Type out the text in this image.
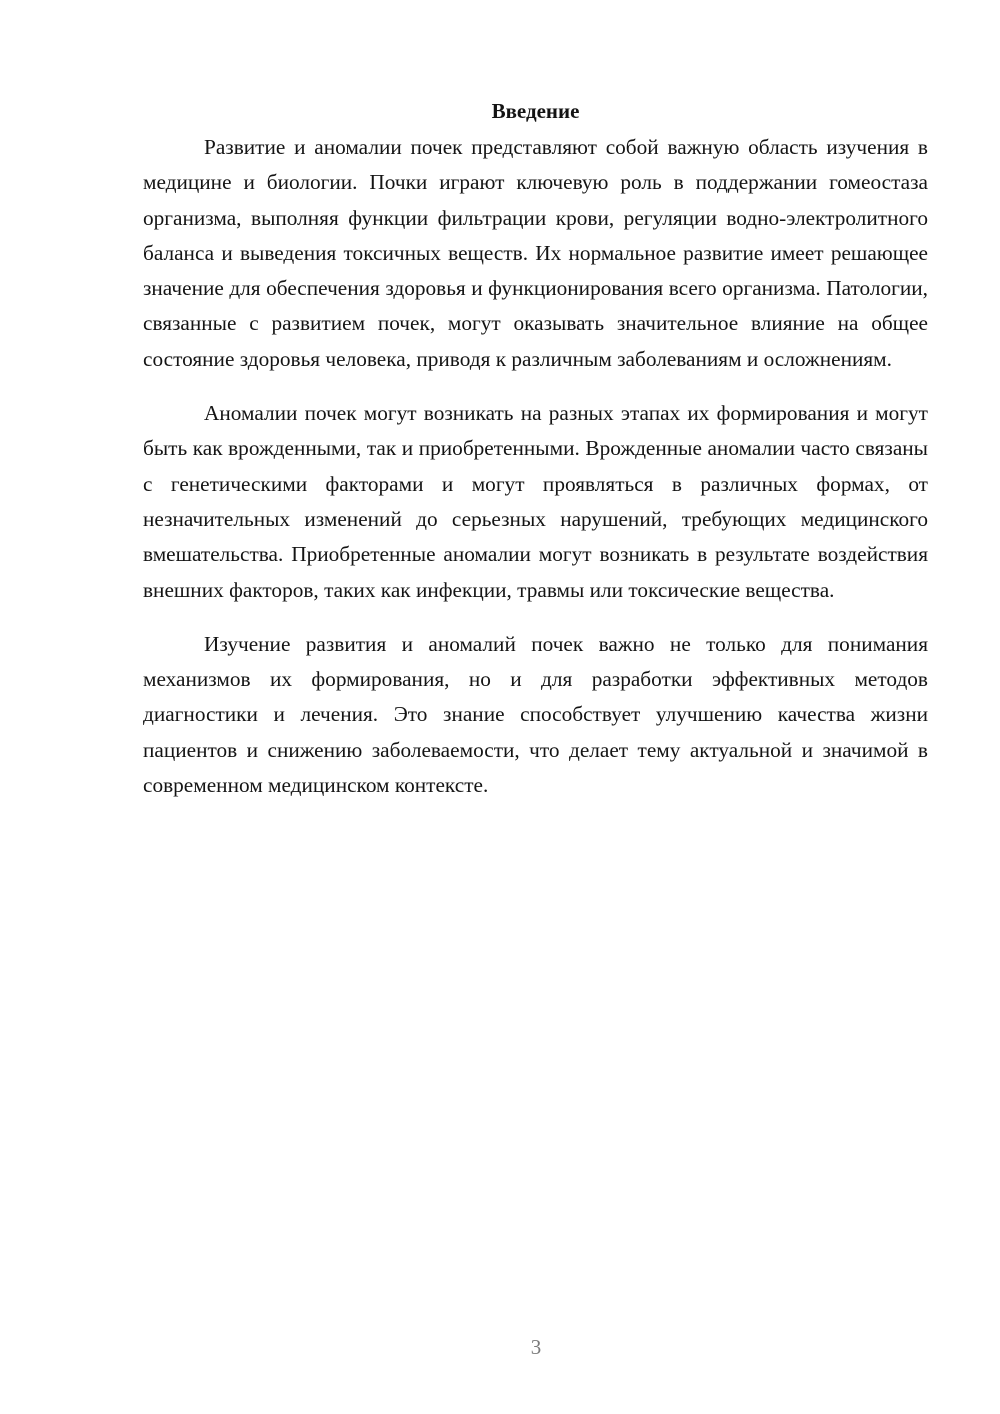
Введение

Развитие и аномалии почек представляют собой важную область изучения в медицине и биологии. Почки играют ключевую роль в поддержании гомеостаза организма, выполняя функции фильтрации крови, регуляции водно-электролитного баланса и выведения токсичных веществ. Их нормальное развитие имеет решающее значение для обеспечения здоровья и функционирования всего организма. Патологии, связанные с развитием почек, могут оказывать значительное влияние на общее состояние здоровья человека, приводя к различным заболеваниям и осложнениям.

Аномалии почек могут возникать на разных этапах их формирования и могут быть как врожденными, так и приобретенными. Врожденные аномалии часто связаны с генетическими факторами и могут проявляться в различных формах, от незначительных изменений до серьезных нарушений, требующих медицинского вмешательства. Приобретенные аномалии могут возникать в результате воздействия внешних факторов, таких как инфекции, травмы или токсические вещества.

Изучение развития и аномалий почек важно не только для понимания механизмов их формирования, но и для разработки эффективных методов диагностики и лечения. Это знание способствует улучшению качества жизни пациентов и снижению заболеваемости, что делает тему актуальной и значимой в современном медицинском контексте.

3
